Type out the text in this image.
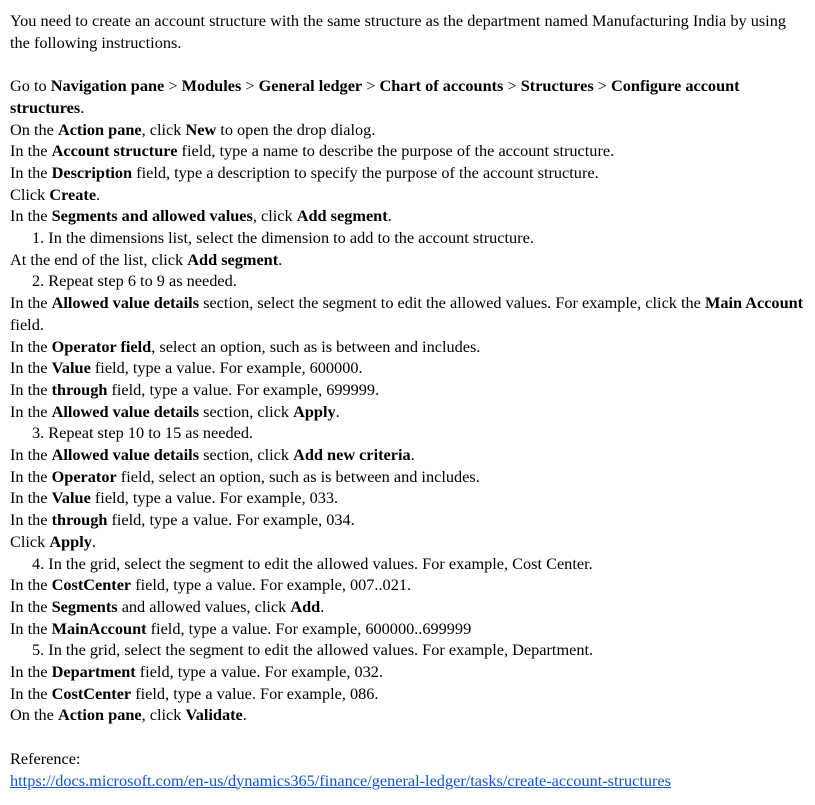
You need to create an account structure with the same structure as the department named Manufacturing India by using the following instructions.
Go to Navigation pane > Modules > General ledger > Chart of accounts > Structures > Configure account structures.
On the Action pane, click New to open the drop dialog.
In the Account structure field, type a name to describe the purpose of the account structure.
In the Description field, type a description to specify the purpose of the account structure.
Click Create.
In the Segments and allowed values, click Add segment.
1. In the dimensions list, select the dimension to add to the account structure.
At the end of the list, click Add segment.
2. Repeat step 6 to 9 as needed.
In the Allowed value details section, select the segment to edit the allowed values. For example, click the Main Account field.
In the Operator field, select an option, such as is between and includes.
In the Value field, type a value. For example, 600000.
In the through field, type a value. For example, 699999.
In the Allowed value details section, click Apply.
3. Repeat step 10 to 15 as needed.
In the Allowed value details section, click Add new criteria.
In the Operator field, select an option, such as is between and includes.
In the Value field, type a value. For example, 033.
In the through field, type a value. For example, 034.
Click Apply.
4. In the grid, select the segment to edit the allowed values. For example, Cost Center.
In the CostCenter field, type a value. For example, 007..021.
In the Segments and allowed values, click Add.
In the MainAccount field, type a value. For example, 600000..699999
5. In the grid, select the segment to edit the allowed values. For example, Department.
In the Department field, type a value. For example, 032.
In the CostCenter field, type a value. For example, 086.
On the Action pane, click Validate.
Reference:
https://docs.microsoft.com/en-us/dynamics365/finance/general-ledger/tasks/create-account-structures
